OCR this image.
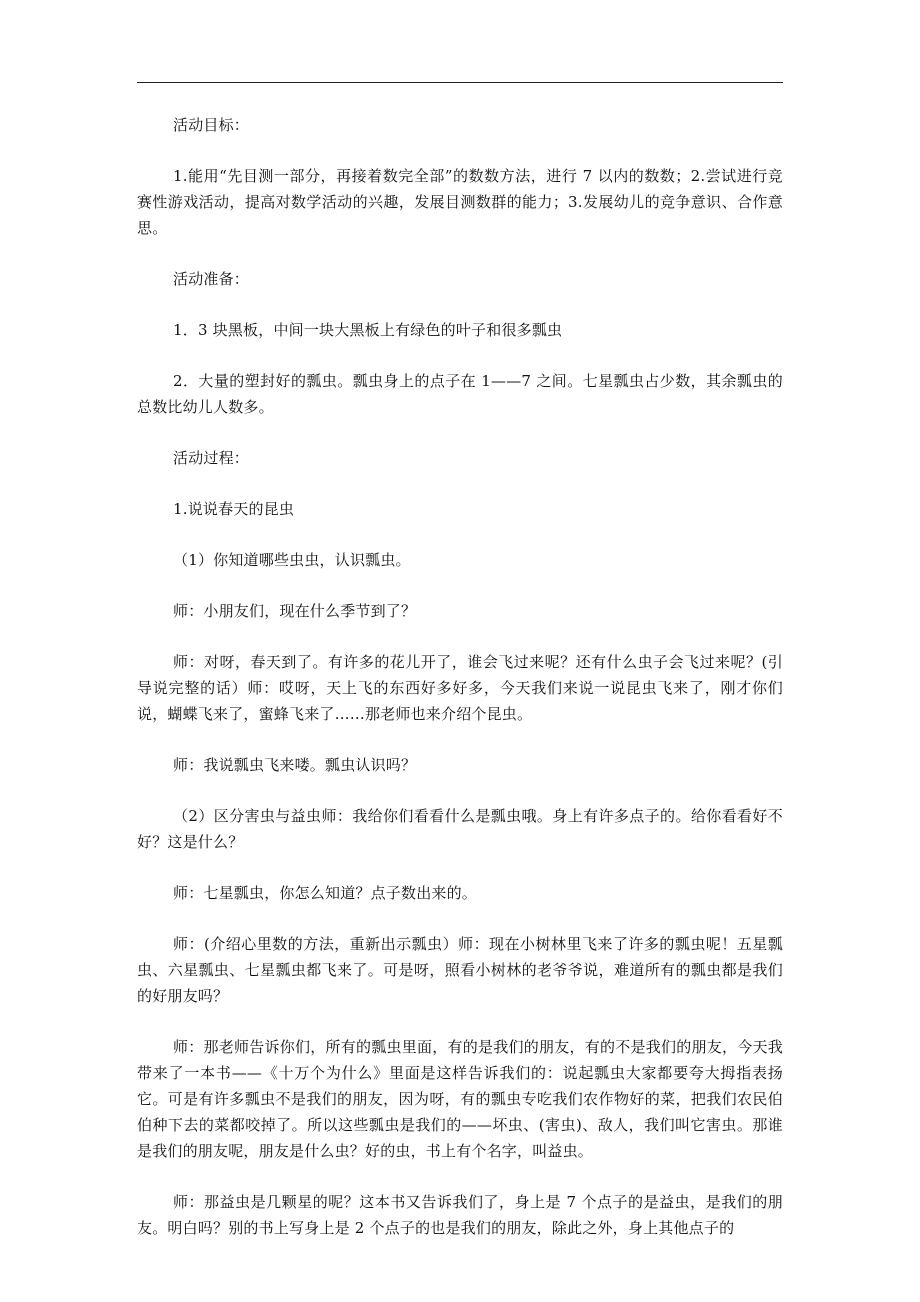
活动目标：

1.能用“先目测一部分，再接着数完全部”的数数方法，进行 7 以内的数数；2.尝试进行竞赛性游戏活动，提高对数学活动的兴趣，发展目测数群的能力；3.发展幼儿的竞争意识、合作意思。

活动准备：

1．3 块黑板，中间一块大黑板上有绿色的叶子和很多瓢虫

2．大量的塑封好的瓢虫。瓢虫身上的点子在 1——7 之间。七星瓢虫占少数，其余瓢虫的总数比幼儿人数多。

活动过程：

1.说说春天的昆虫

（1）你知道哪些虫虫，认识瓢虫。

师：小朋友们，现在什么季节到了？

师：对呀，春天到了。有许多的花儿开了，谁会飞过来呢？还有什么虫子会飞过来呢？(引导说完整的话）师：哎呀，天上飞的东西好多好多，今天我们来说一说昆虫飞来了，刚才你们说，蝴蝶飞来了，蜜蜂飞来了……那老师也来介绍个昆虫。

师：我说瓢虫飞来喽。瓢虫认识吗？

（2）区分害虫与益虫师：我给你们看看什么是瓢虫哦。身上有许多点子的。给你看看好不好？这是什么？

师：七星瓢虫，你怎么知道？点子数出来的。

师：(介绍心里数的方法，重新出示瓢虫）师：现在小树林里飞来了许多的瓢虫呢！五星瓢虫、六星瓢虫、七星瓢虫都飞来了。可是呀，照看小树林的老爷爷说，难道所有的瓢虫都是我们的好朋友吗？

师：那老师告诉你们，所有的瓢虫里面，有的是我们的朋友，有的不是我们的朋友，今天我带来了一本书——《十万个为什么》里面是这样告诉我们的：说起瓢虫大家都要夸大拇指表扬它。可是有许多瓢虫不是我们的朋友，因为呀，有的瓢虫专吃我们农作物好的菜，把我们农民伯伯种下去的菜都咬掉了。所以这些瓢虫是我们的——坏虫、(害虫)、敌人，我们叫它害虫。那谁是我们的朋友呢，朋友是什么虫？好的虫，书上有个名字，叫益虫。

师：那益虫是几颗星的呢？这本书又告诉我们了，身上是 7 个点子的是益虫，是我们的朋友。明白吗？别的书上写身上是 2 个点子的也是我们的朋友，除此之外，身上其他点子的
